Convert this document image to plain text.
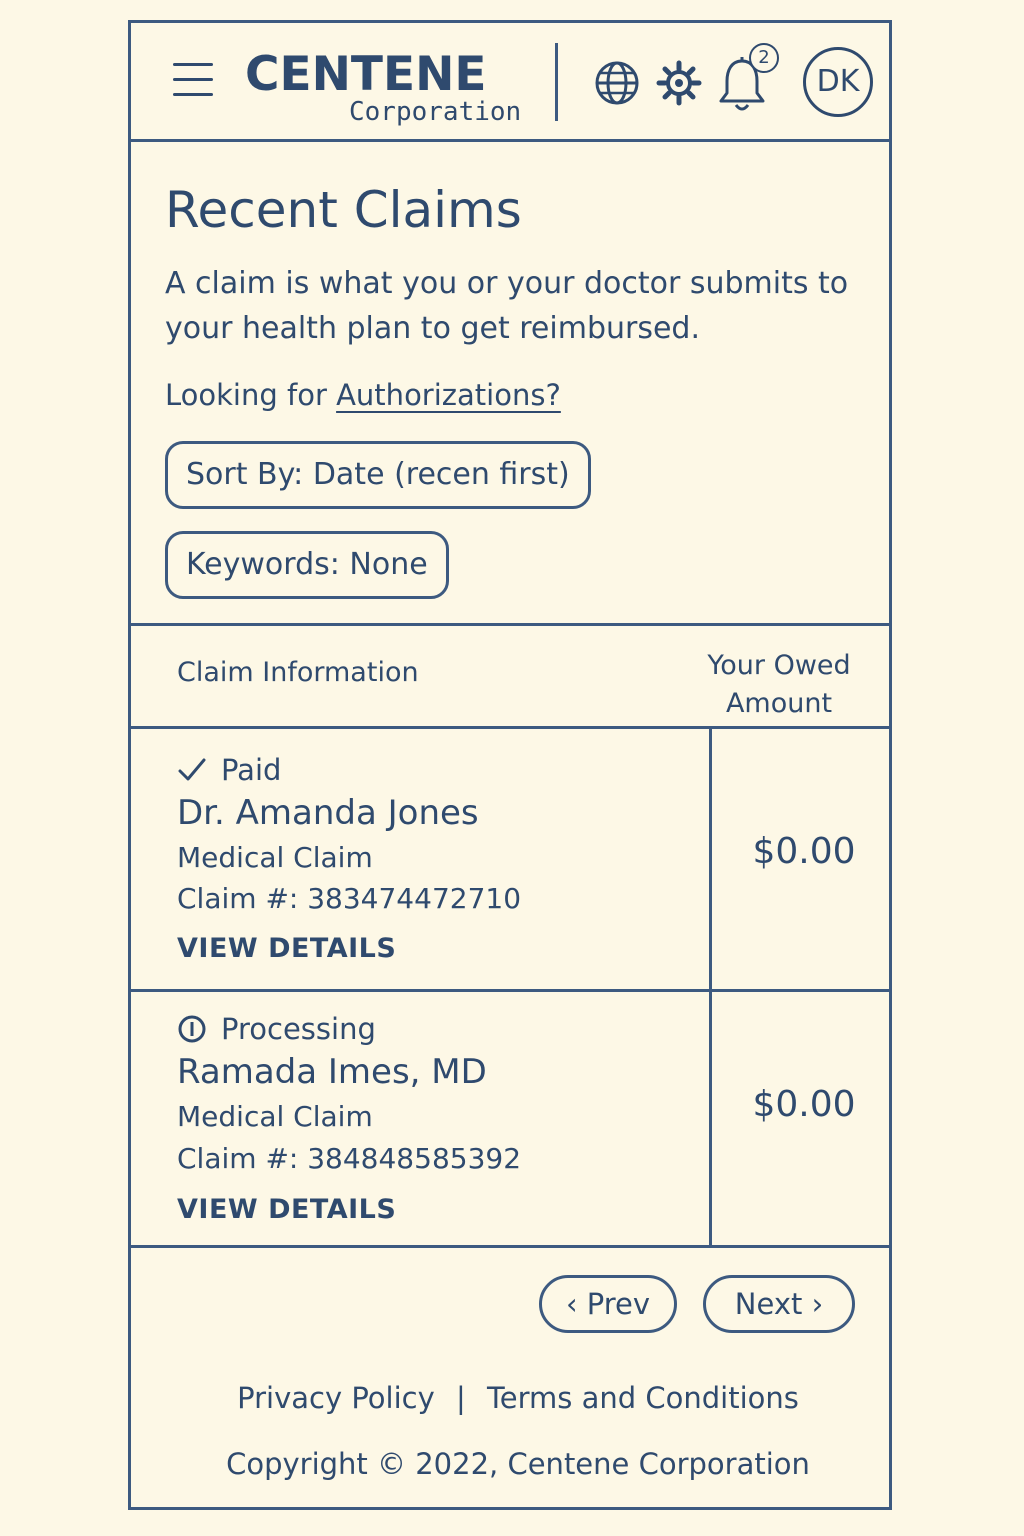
CENTENE
Corporation
2
DK
Recent Claims

A claim is what you or your doctor submits to your health plan to get reimbursed.

Looking for Authorizations?
Sort By: Date (recen first)
Keywords: None
Claim Information	Your Owed
Amount
Paid
Dr. Amanda Jones
Medical Claim
Claim #: 383474472710
VIEW DETAILS
$0.00
Processing
Ramada Imes, MD
Medical Claim
Claim #: 384848585392
VIEW DETAILS
$0.00
‹ Prev	Next ›
Privacy Policy | Terms and Conditions
Copyright © 2022, Centene Corporation
